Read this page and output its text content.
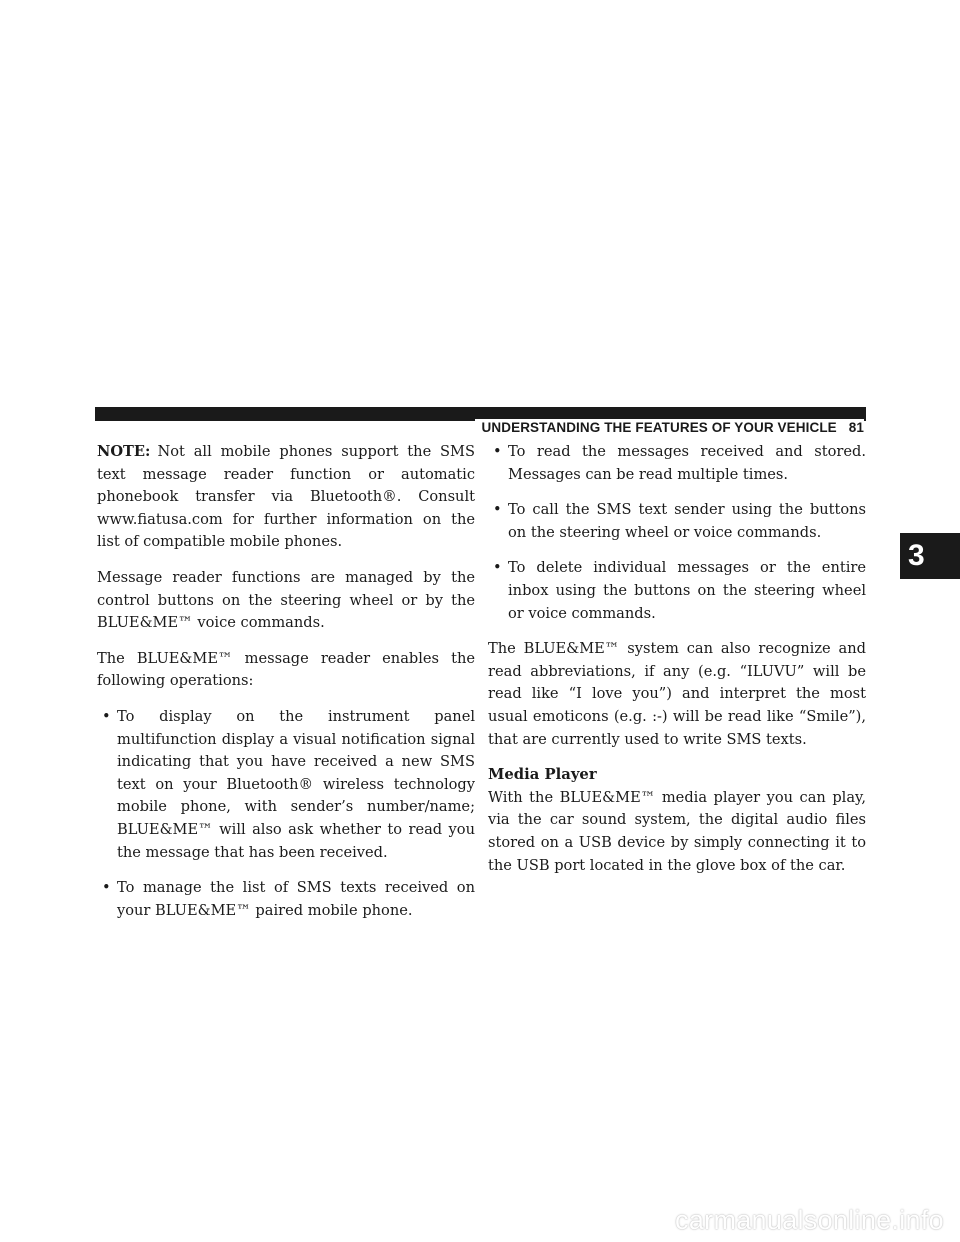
UNDERSTANDING THE FEATURES OF YOUR VEHICLE 81
3

NOTE: Not all mobile phones support the SMS text message reader function or automatic phonebook transfer via Bluetooth®. Consult www.fiatusa.com for further information on the list of compatible mobile phones.

Message reader functions are managed by the control buttons on the steering wheel or by the BLUE&ME™ voice commands.

The BLUE&ME™ message reader enables the following operations:

• To display on the instrument panel multifunction display a visual notification signal indicating that you have received a new SMS text on your Bluetooth® wireless technology mobile phone, with sender’s number/name; BLUE&ME™ will also ask whether to read you the message that has been received.
• To manage the list of SMS texts received on your BLUE&ME™ paired mobile phone.
• To read the messages received and stored. Messages can be read multiple times.
• To call the SMS text sender using the buttons on the steering wheel or voice commands.
• To delete individual messages or the entire inbox using the buttons on the steering wheel or voice commands.

The BLUE&ME™ system can also recognize and read abbreviations, if any (e.g. “ILUVU” will be read like “I love you”) and interpret the most usual emoticons (e.g. :-) will be read like “Smile”), that are currently used to write SMS texts.

Media Player

With the BLUE&ME™ media player you can play, via the car sound system, the digital audio files stored on a USB device by simply connecting it to the USB port located in the glove box of the car.

carmanualsonline.info
